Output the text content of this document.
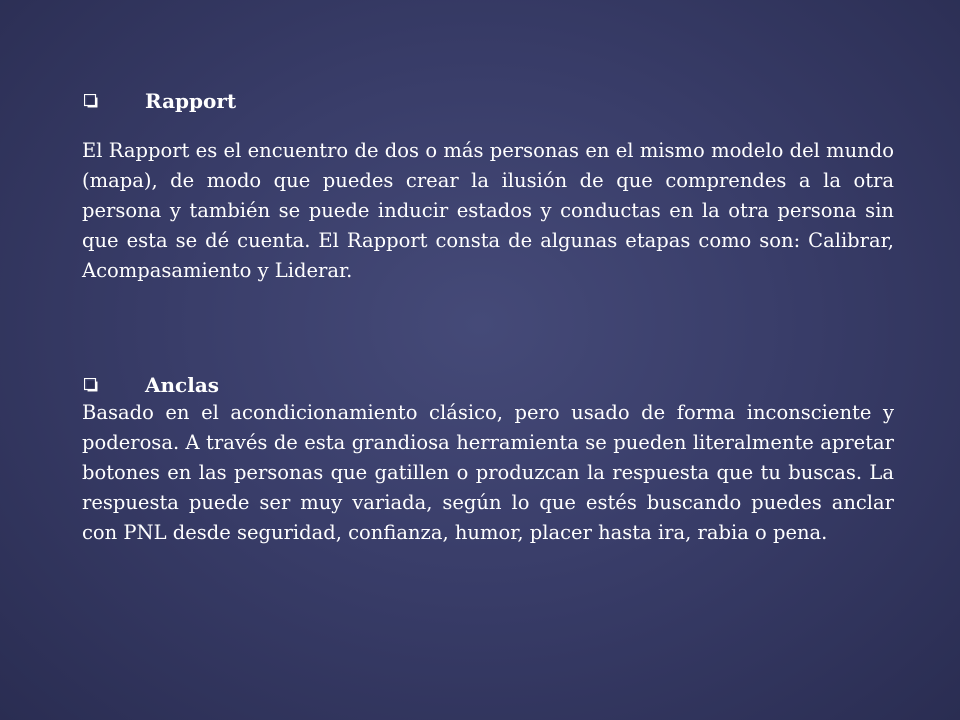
Rapport

El Rapport es el encuentro de dos o más personas en el mismo modelo del mundo (mapa), de modo que puedes crear la ilusión de que comprendes a la otra persona y también se puede inducir estados y conductas en la otra persona sin que esta se dé cuenta. El Rapport consta de algunas etapas como son: Calibrar, Acompasamiento y Liderar.

Anclas

Basado en el acondicionamiento clásico, pero usado de forma inconsciente y poderosa. A través de esta grandiosa herramienta se pueden literalmente apretar botones en las personas que gatillen o produzcan la respuesta que tu buscas. La respuesta puede ser muy variada, según lo que estés buscando puedes anclar con PNL desde seguridad, confianza, humor, placer hasta ira, rabia o pena.
